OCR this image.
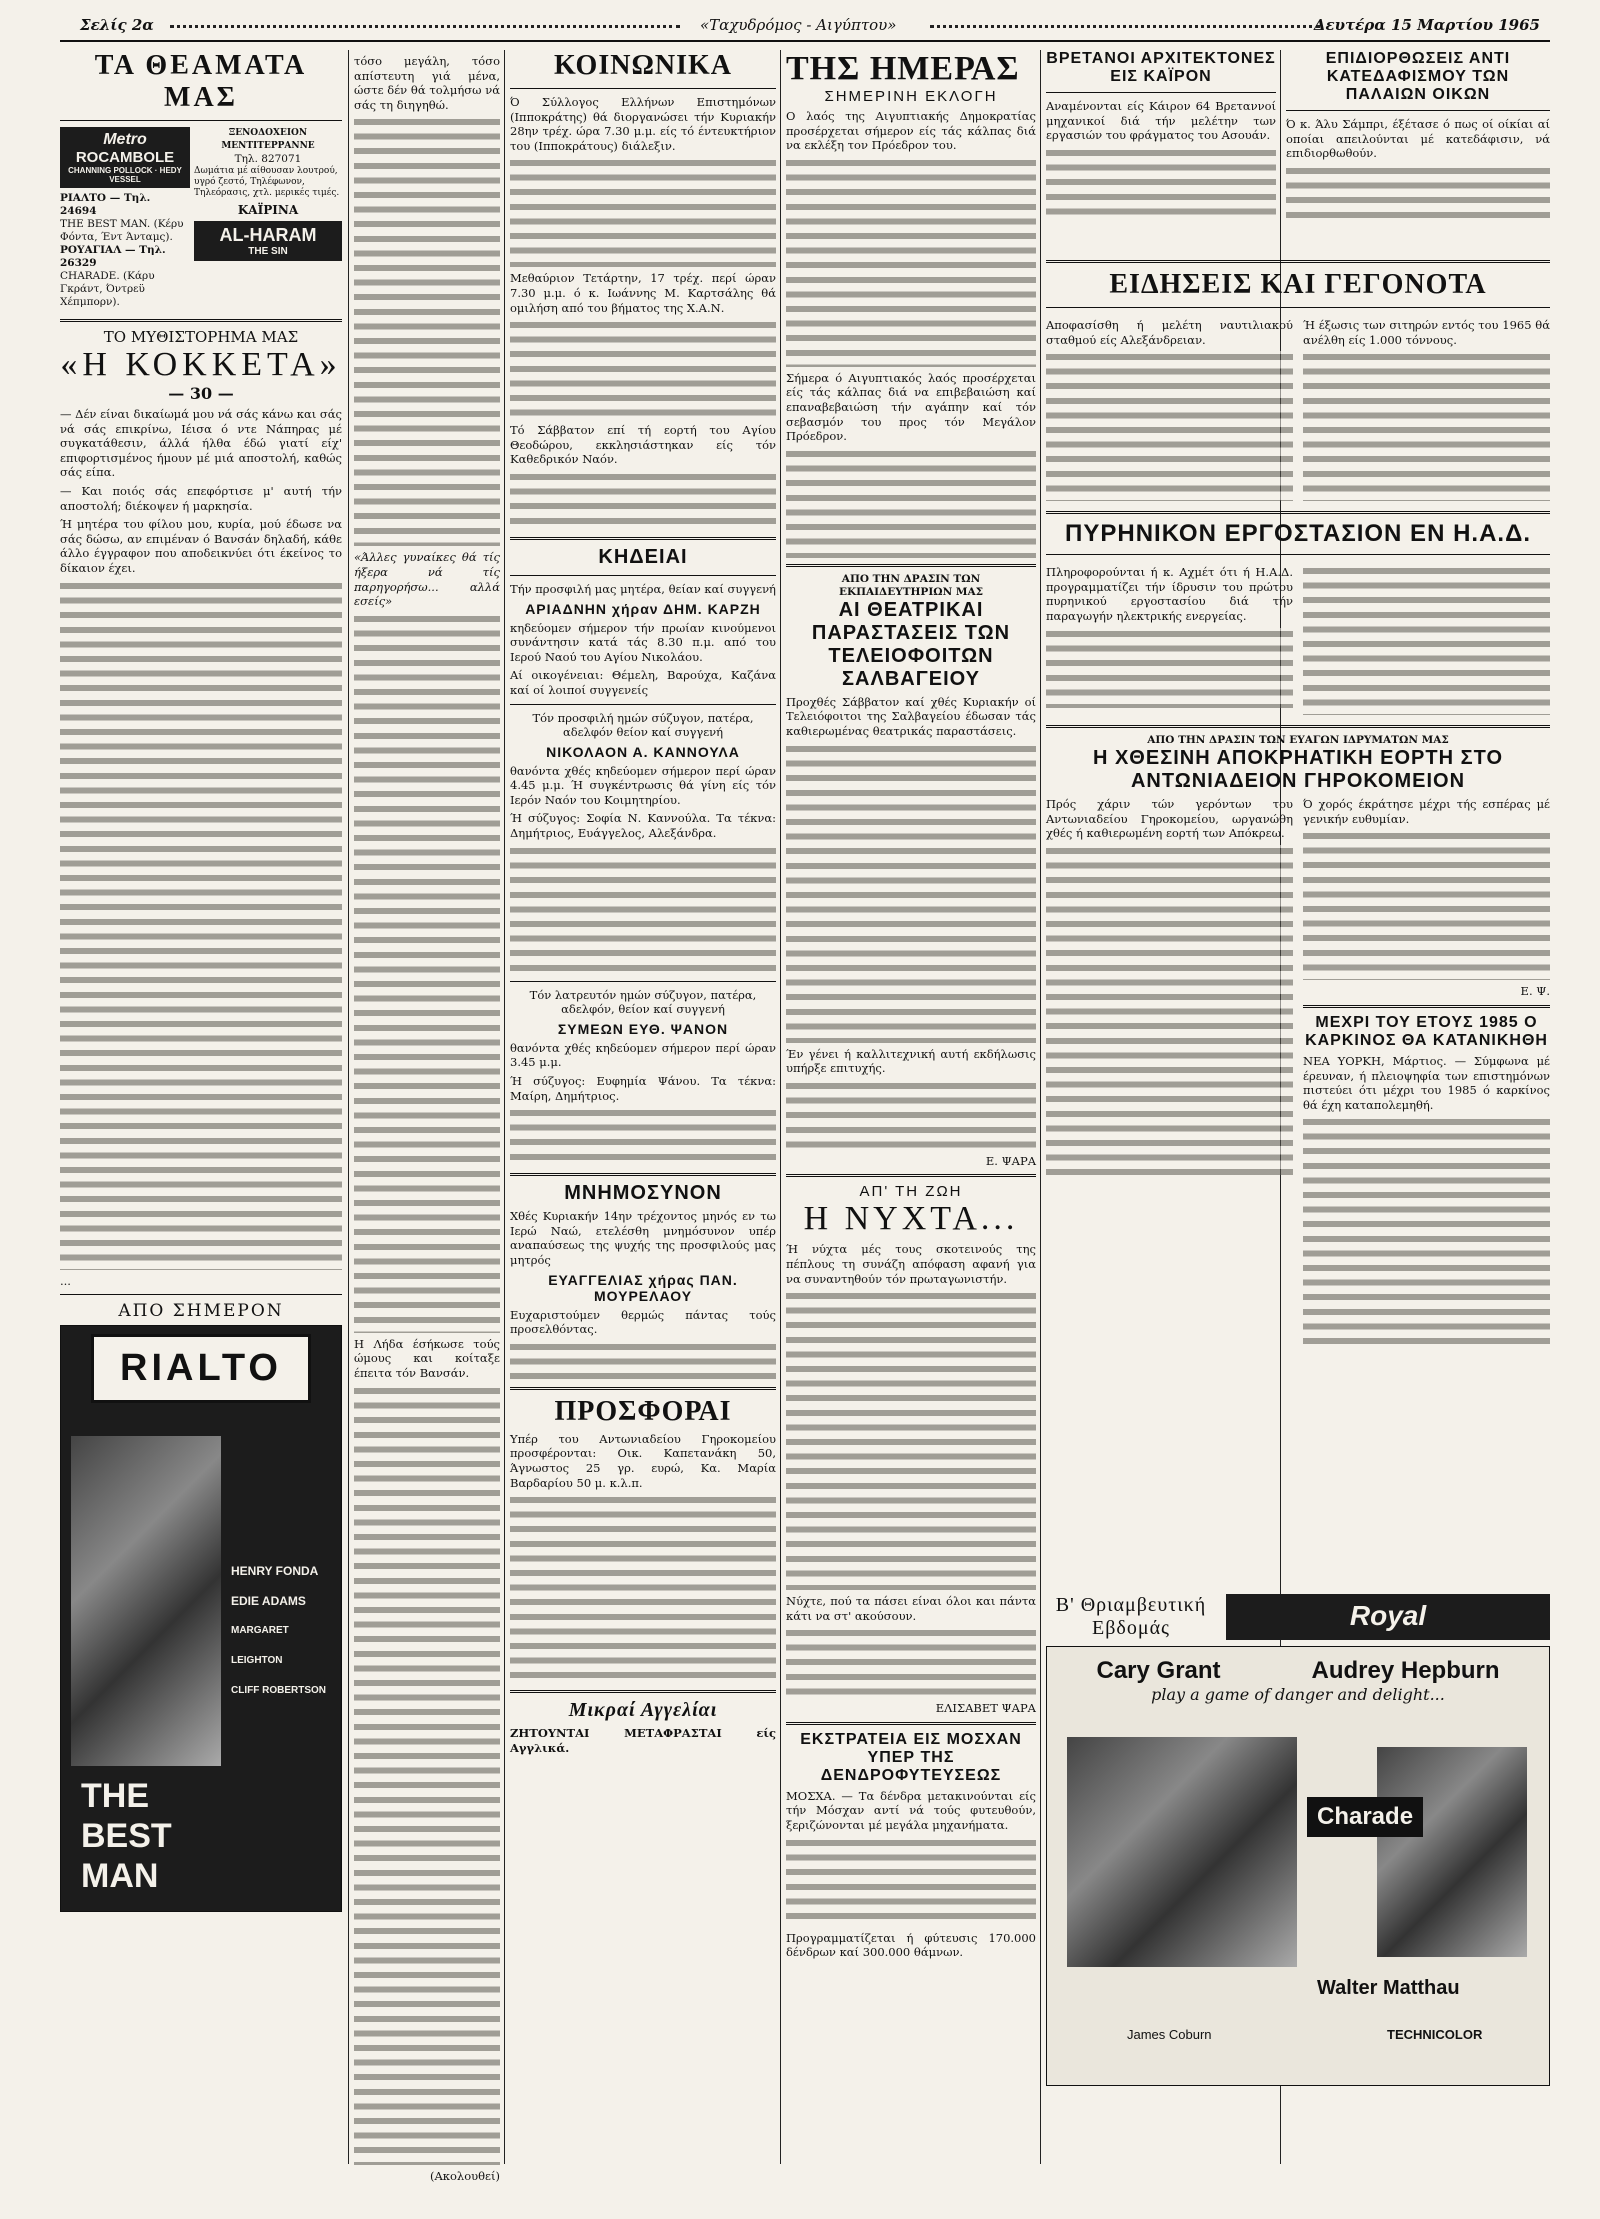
Σελίς 2α	«Ταχυδρόμος - Αιγύπτου»	Δευτέρα 15 Μαρτίου 1965
ΤΑ ΘΕΑΜΑΤΑ ΜΑΣ
Metro
ROCAMBOLE
CHANNING POLLOCK · HEDY VESSEL
ΡΙΑΛΤΟ — Τηλ. 24694
THE BEST MAN. (Κέρυ Φόντα, Έντ Άνταμς).
ΡΟΥΑΓΙΑΛ — Τηλ. 26329
CHARADE. (Κάρυ Γκράντ, Όντρεϋ Χέπμπορν).
ΞΕΝΟΔΟΧΕΙΟΝ ΜΕΝΤΙΤΕΡΡΑΝΝΕ
Τηλ. 827071
Δωμάτια μέ αίθουσαν λουτρού, υγρό ζεστό, Τηλέφωνον, Τηλεόρασις, χτλ. μερικές τιμές.
ΚΑΪΡΙΝΑ
AL-HARAM
THE SIN
ΤΟ ΜΥΘΙΣΤΟΡΗΜΑ ΜΑΣ
«Η ΚΟΚΚΕΤΑ»
— 30 —

— Δέν είναι δικαίωμά μου νά σάς κάνω και σάς νά σάς επικρίνω, Ιέισα ό ντε Νάπηρας μέ συγκατάθεσιν, άλλά ήλθα έδώ γιατί είχ' επιφορτισμένος ήμουν μέ μιά αποστολή, καθώς σάς είπα.

— Και ποιός σάς επεφόρτισε μ' αυτή τήν αποστολή; διέκοψεν ή μαρκησία.

Ή μητέρα του φίλου μου, κυρία, μού έδωσε να σάς δώσω, αν επιμέναν ό Βανσάν δηλαδή, κάθε άλλο έγγραφον που αποδεικνύει ότι έκείνος το δίκαιον έχει.

...

ΑΠΟ ΣΗΜΕΡΟΝ
RIALTO
HENRY FONDA
EDIE ADAMS
MARGARET LEIGHTON
CLIFF ROBERTSON
THE
BEST
MAN

τόσο μεγάλη, τόσο απίστευτη γιά μένα, ώστε δέν θά τολμήσω νά σάς τη διηγηθώ.

«Άλλες γυναίκες θά τίς ήξερα νά τίς παρηγορήσω... αλλά εσείς»

Η Λήδα έσήκωσε τούς ώμους και κοίταξε έπειτα τόν Βανσάν.

(Ακολουθεί)

ΚΟΙΝΩΝΙΚΑ

Ό Σύλλογος Ελλήνων Επιστημόνων (Ιπποκράτης) θά διοργανώσει τήν Κυριακήν 28ην τρέχ. ώρα 7.30 μ.μ. είς τό έντευκτήριον του (Ιπποκράτους) διάλεξιν.

Μεθαύριον Τετάρτην, 17 τρέχ. περί ώραν 7.30 μ.μ. ό κ. Ιωάννης Μ. Καρτσάλης θά ομιλήση από του βήματος της Χ.Α.Ν.

Τό Σάββατον επί τή εορτή του Αγίου Θεοδώρου, εκκλησιάστηκαν είς τόν Καθεδρικόν Ναόν.

ΚΗΔΕΙΑΙ

Τήν προσφιλή μας μητέρα, θείαν καί συγγενή

ΑΡΙΑΔΝΗΝ χήραν ΔΗΜ. ΚΑΡΖΗ

κηδεύομεν σήμερον τήν πρωίαν κινούμενοι συνάντησιν κατά τάς 8.30 π.μ. από του Ιερού Ναού του Αγίου Νικολάου.

Αί οικογένειαι: Θέμελη, Βαρούχα, Καζάνα καί οί λοιποί συγγενείς

Τόν προσφιλή ημών σύζυγον, πατέρα, αδελφόν θείον καί συγγενή

ΝΙΚΟΛΑΟΝ Α. ΚΑΝΝΟΥΛΑ

θανόντα χθές κηδεύομεν σήμερον περί ώραν 4.45 μ.μ. Ή συγκέντρωσις θά γίνη είς τόν Ιερόν Ναόν του Κοιμητηρίου.

Ή σύζυγος: Σοφία Ν. Καννούλα. Τα τέκνα: Δημήτριος, Ευάγγελος, Αλεξάνδρα.

Τόν λατρευτόν ημών σύζυγον, πατέρα, αδελφόν, θείον καί συγγενή

ΣΥΜΕΩΝ ΕΥΘ. ΨΑΝΟΝ

θανόντα χθές κηδεύομεν σήμερον περί ώραν 3.45 μ.μ.

Ή σύζυγος: Ευφημία Ψάνου. Τα τέκνα: Μαίρη, Δημήτριος.

ΜΝΗΜΟΣΥΝΟΝ

Χθές Κυριακήν 14ην τρέχοντος μηνός εν τω Ιερώ Ναώ, ετελέσθη μνημόσυνον υπέρ αναπαύσεως της ψυχής της προσφιλούς μας μητρός

ΕΥΑΓΓΕΛΙΑΣ χήρας ΠΑΝ. ΜΟΥΡΕΛΑΟΥ

Ευχαριστούμεν θερμώς πάντας τούς προσελθόντας.

ΠΡΟΣΦΟΡΑΙ

Υπέρ του Αντωνιαδείου Γηροκομείου προσφέρονται: Οικ. Καπετανάκη 50, Άγνωστος 25 γρ. ευρώ, Κα. Μαρία Βαρδαρίου 50 μ. κ.λ.π.

Μικραί Αγγελίαι

ΖΗΤΟΥΝΤΑΙ ΜΕΤΑΦΡΑΣΤΑΙ είς Αγγλικά.

ΤΗΣ ΗΜΕΡΑΣ
ΣΗΜΕΡΙΝΗ ΕΚΛΟΓΗ

Ο λαός της Αιγυπτιακής Δημοκρατίας προσέρχεται σήμερον είς τάς κάλπας διά να εκλέξη τον Πρόεδρον του.

Σήμερα ό Αιγυπτιακός λαός προσέρχεται είς τάς κάλπας διά να επιβεβαιώση καί επαναβεβαιώση τήν αγάπην καί τόν σεβασμόν του προς τόν Μεγάλον Πρόεδρον.

ΑΠΟ ΤΗΝ ΔΡΑΣΙΝ ΤΩΝ ΕΚΠΑΙΔΕΥΤΗΡΙΩΝ ΜΑΣ
ΑΙ ΘΕΑΤΡΙΚΑΙ ΠΑΡΑΣΤΑΣΕΙΣ ΤΩΝ ΤΕΛΕΙΟΦΟΙΤΩΝ ΣΑΛΒΑΓΕΙΟΥ

Προχθές Σάββατον καί χθές Κυριακήν οί Τελειόφοιτοι της Σαλβαγείου έδωσαν τάς καθιερωμένας θεατρικάς παραστάσεις.

Έν γένει ή καλλιτεχνική αυτή εκδήλωσις υπήρξε επιτυχής.

Ε. ΨΑΡΑ

ΑΠ' ΤΗ ΖΩΗ
Η ΝΥΧΤΑ...

Ή νύχτα μές τους σκοτεινούς της πέπλους τη συνάζη απόφαση αφανή για να συναντηθούν τόν πρωταγωνιστήν.

Νύχτε, πού τα πάσει είναι όλοι και πάντα κάτι να στ' ακούσουν.

ΕΛΙΣΑΒΕΤ ΨΑΡΑ

ΕΚΣΤΡΑΤΕΙΑ ΕΙΣ ΜΟΣΧΑΝ ΥΠΕΡ ΤΗΣ ΔΕΝΔΡΟΦΥΤΕΥΣΕΩΣ

ΜΟΣΧΑ. — Τα δένδρα μετακινούνται είς τήν Μόσχαν αντί νά τούς φυτευθούν, ξεριζώνονται μέ μεγάλα μηχανήματα.

Προγραμματίζεται ή φύτευσις 170.000 δένδρων καί 300.000 θάμνων.

ΒΡΕΤΑΝΟΙ ΑΡΧΙΤΕΚΤΟΝΕΣ ΕΙΣ ΚΑΪΡΟΝ

Αναμένονται είς Κάιρον 64 Βρεταννοί μηχανικοί διά τήν μελέτην των εργασιών του φράγματος του Ασουάν.

ΕΠΙΔΙΟΡΘΩΣΕΙΣ ΑΝΤΙ ΚΑΤΕΔΑΦΙΣΜΟΥ ΤΩΝ ΠΑΛΑΙΩΝ ΟΙΚΩΝ

Ό κ. Άλυ Σάμπρι, έξέτασε ό πως οί οίκίαι αί οποίαι απειλούνται μέ κατεδάφισιν, νά επιδιορθωθούν.

ΕΙΔΗΣΕΙΣ ΚΑΙ ΓΕΓΟΝΟΤΑ

Αποφασίσθη ή μελέτη ναυτιλιακού σταθμού είς Αλεξάνδρειαν.

Ή έξωσις των σιτηρών εντός του 1965 θά ανέλθη είς 1.000 τόννους.

ΠΥΡΗΝΙΚΟΝ ΕΡΓΟΣΤΑΣΙΟΝ ΕΝ Η.Α.Δ.

Πληροφορούνται ή κ. Αχμέτ ότι ή Η.Α.Δ. προγραμματίζει τήν ίδρυσιν του πρώτου πυρηνικού εργοστασίου διά τήν παραγωγήν ηλεκτρικής ενεργείας.

ΑΠΟ ΤΗΝ ΔΡΑΣΙΝ ΤΩΝ ΕΥΑΓΩΝ ΙΔΡΥΜΑΤΩΝ ΜΑΣ
Η ΧΘΕΣΙΝΗ ΑΠΟΚΡΗΑΤΙΚΗ ΕΟΡΤΗ ΣΤΟ ΑΝΤΩΝΙΑΔΕΙΟΝ ΓΗΡΟΚΟΜΕΙΟΝ

Πρός χάριν τών γερόντων του Αντωνιαδείου Γηροκομείου, ωργανώθη χθές ή καθιερωμένη εορτή των Απόκρεω.

Ό χορός έκράτησε μέχρι τής εσπέρας μέ γενικήν ευθυμίαν.

Ε. Ψ.

ΜΕΧΡΙ ΤΟΥ ΕΤΟΥΣ 1985 Ο ΚΑΡΚΙΝΟΣ ΘΑ ΚΑΤΑΝΙΚΗΘΗ

ΝΕΑ ΥΟΡΚΗ, Μάρτιος. — Σύμφωνα μέ έρευναν, ή πλειοψηφία των επιστημόνων πιστεύει ότι μέχρι του 1985 ό καρκίνος θά έχη καταπολεμηθή.

Β' Θριαμβευτική
Εβδομάς	Royal
Cary Grant	Audrey Hepburn
play a game of danger and delight...
Charade
Walter Matthau
James Coburn	TECHNICOLOR
